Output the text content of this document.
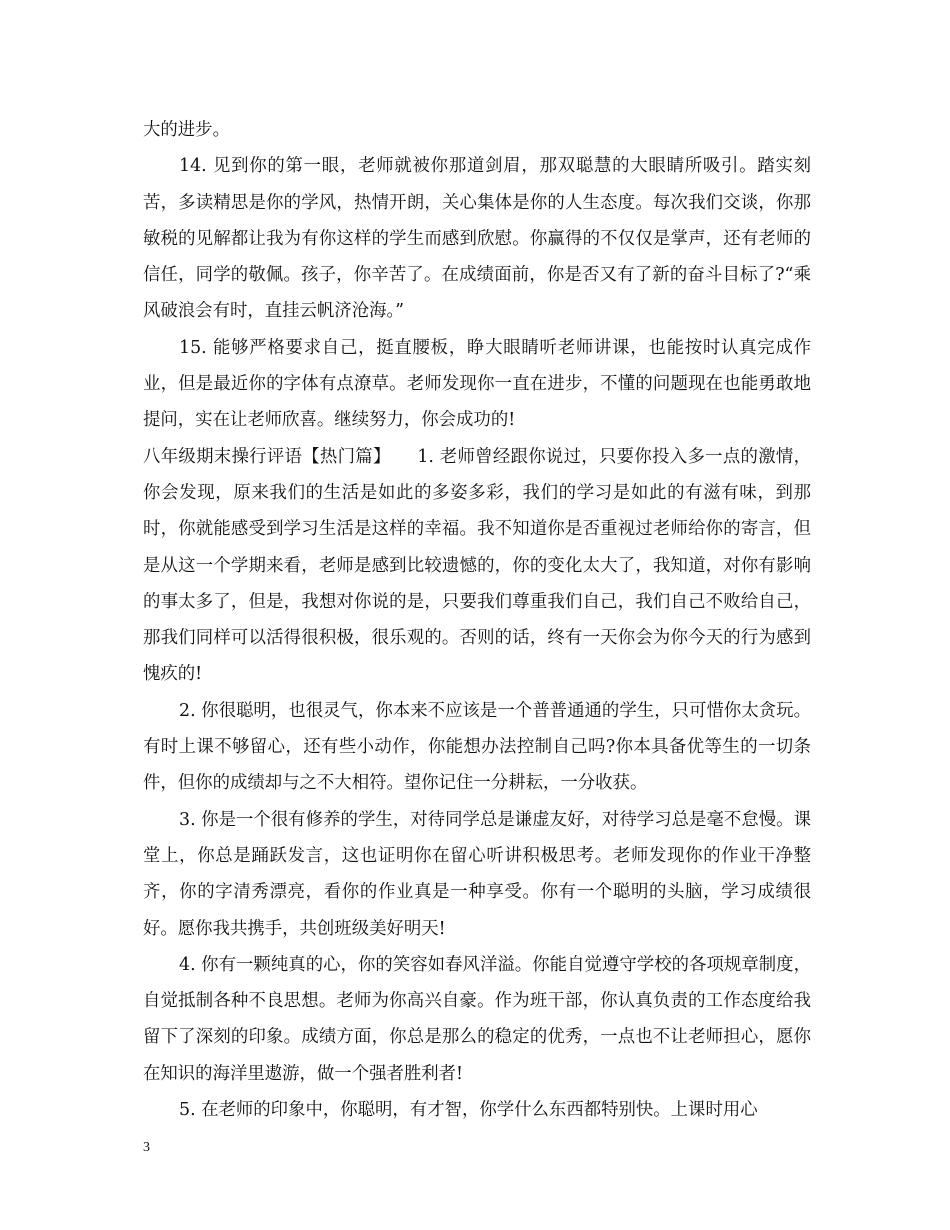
大的进步。

14. 见到你的第一眼，老师就被你那道剑眉，那双聪慧的大眼睛所吸引。踏实刻苦，多读精思是你的学风，热情开朗，关心集体是你的人生态度。每次我们交谈，你那敏税的见解都让我为有你这样的学生而感到欣慰。你赢得的不仅仅是掌声，还有老师的信任，同学的敬佩。孩子，你辛苦了。在成绩面前，你是否又有了新的奋斗目标了?“乘风破浪会有时，直挂云帆济沧海。”

15. 能够严格要求自己，挺直腰板，睁大眼睛听老师讲课，也能按时认真完成作业，但是最近你的字体有点潦草。老师发现你一直在进步，不懂的问题现在也能勇敢地提问，实在让老师欣喜。继续努力，你会成功的!

八年级期末操行评语【热门篇】　　1. 老师曾经跟你说过，只要你投入多一点的激情，你会发现，原来我们的生活是如此的多姿多彩，我们的学习是如此的有滋有味，到那时，你就能感受到学习生活是这样的幸福。我不知道你是否重视过老师给你的寄言，但是从这一个学期来看，老师是感到比较遗憾的，你的变化太大了，我知道，对你有影响的事太多了，但是，我想对你说的是，只要我们尊重我们自己，我们自己不败给自己，那我们同样可以活得很积极，很乐观的。否则的话，终有一天你会为你今天的行为感到愧疚的!

2. 你很聪明，也很灵气，你本来不应该是一个普普通通的学生，只可惜你太贪玩。有时上课不够留心，还有些小动作，你能想办法控制自己吗?你本具备优等生的一切条件，但你的成绩却与之不大相符。望你记住一分耕耘，一分收获。

3. 你是一个很有修养的学生，对待同学总是谦虚友好，对待学习总是毫不怠慢。课堂上，你总是踊跃发言，这也证明你在留心听讲积极思考。老师发现你的作业干净整齐，你的字清秀漂亮，看你的作业真是一种享受。你有一个聪明的头脑，学习成绩很好。愿你我共携手，共创班级美好明天!

4. 你有一颗纯真的心，你的笑容如春风洋溢。你能自觉遵守学校的各项规章制度，自觉抵制各种不良思想。老师为你高兴自豪。作为班干部，你认真负责的工作态度给我留下了深刻的印象。成绩方面，你总是那么的稳定的优秀，一点也不让老师担心，愿你在知识的海洋里遨游，做一个强者胜利者!

5. 在老师的印象中，你聪明，有才智，你学什么东西都特别快。上课时用心

3
